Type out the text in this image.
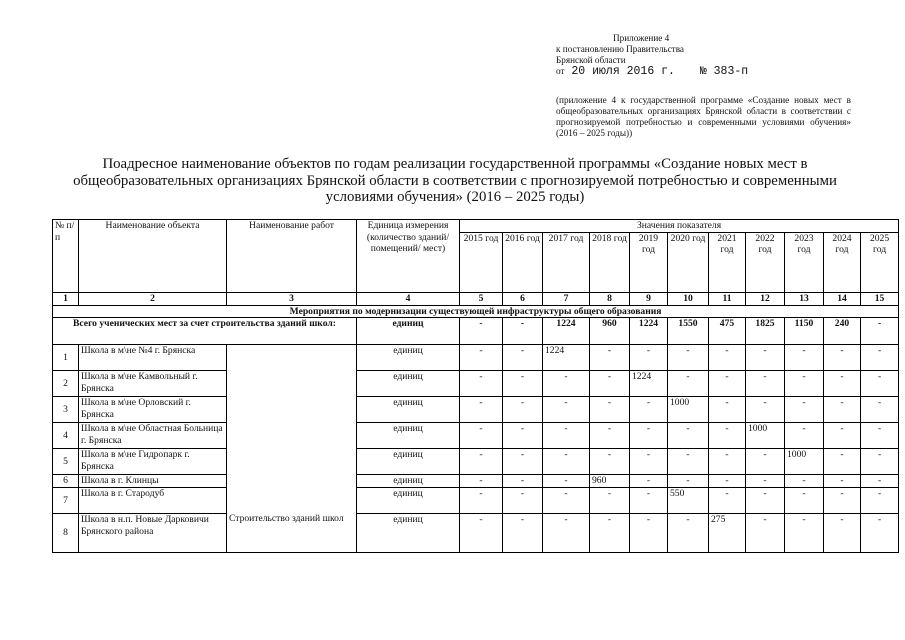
Приложение 4
к постановлению Правительства
Брянской области
от 20 июля 2016 г. № 383-п
(приложение 4 к государственной программе «Создание новых мест в общеобразовательных организациях Брянской области в соответствии с прогнозируемой потребностью и современными условиями обучения» (2016 – 2025 годы))
Поадресное наименование объектов по годам реализации государственной программы «Создание новых мест в общеобразовательных организациях Брянской области в соответствии с прогнозируемой потребностью и современными условиями обучения» (2016 – 2025 годы)
№ п/ п	Наименование объекта	Наименование работ	Единица измерения (количество зданий/ помещений/ мест)	Значения показателя										
				2015 год	2016 год	2017 год	2018 год	2019 год	2020 год	2021 год	2022 год	2023 год	2024 год	2025 год
1	2	3	4	5	6	7	8	9	10	11	12	13	14	15
Мероприятия по модернизации существующей инфраструктуры общего образования														
Всего ученических мест за счет строительства зданий школ:			единиц	-	-	1224	960	1224	1550	475	1825	1150	240	-
1	Школа в м\не №4 г. Брянска	Строительство зданий школ	единиц	-	-	1224	-	-	-	-	-	-	-	-
2	Школа в м\не Камвольный г. Брянска		единиц	-	-	-	-	1224	-	-	-	-	-	-
3	Школа в м\не Орловский г. Брянска		единиц	-	-	-	-	-	1000	-	-	-	-	-
4	Школа в м\не Областная Больница г. Брянска		единиц	-	-	-	-	-	-	-	1000	-	-	-
5	Школа в м\не Гидропарк г. Брянска		единиц	-	-	-	-	-	-	-	-	1000	-	-
6	Школа в г. Клинцы		единиц	-	-	-	960	-	-	-	-	-	-	-
7	Школа в г. Стародуб		единиц	-	-	-	-	-	550	-	-	-	-	-
8	Школа в н.п. Новые Дарковичи Брянского района		единиц	-	-	-	-	-	-	275	-	-	-	-
